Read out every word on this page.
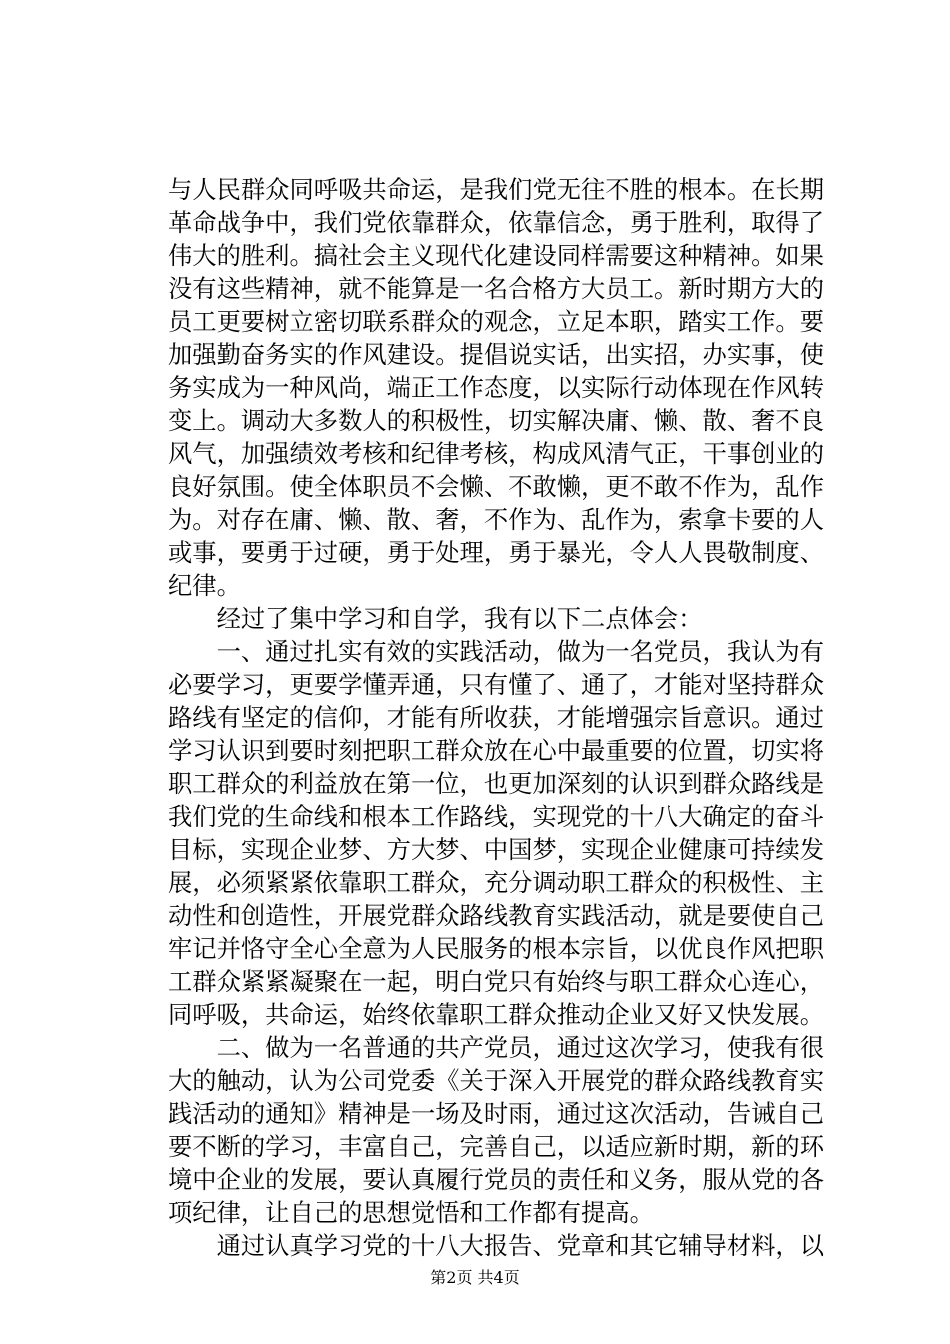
与人民群众同呼吸共命运，是我们党无往不胜的根本。在长期

革命战争中，我们党依靠群众，依靠信念，勇于胜利，取得了

伟大的胜利。搞社会主义现代化建设同样需要这种精神。如果

没有这些精神，就不能算是一名合格方大员工。新时期方大的

员工更要树立密切联系群众的观念，立足本职，踏实工作。要

加强勤奋务实的作风建设。提倡说实话，出实招，办实事，使

务实成为一种风尚，端正工作态度，以实际行动体现在作风转

变上。调动大多数人的积极性，切实解决庸、懒、散、奢不良

风气，加强绩效考核和纪律考核，构成风清气正，干事创业的

良好氛围。使全体职员不会懒、不敢懒，更不敢不作为，乱作

为。对存在庸、懒、散、奢，不作为、乱作为，索拿卡要的人

或事，要勇于过硬，勇于处理，勇于暴光，令人人畏敬制度、

纪律。

　　经过了集中学习和自学，我有以下二点体会：

　　一、通过扎实有效的实践活动，做为一名党员，我认为有

必要学习，更要学懂弄通，只有懂了、通了，才能对坚持群众

路线有坚定的信仰，才能有所收获，才能增强宗旨意识。通过

学习认识到要时刻把职工群众放在心中最重要的位置，切实将

职工群众的利益放在第一位，也更加深刻的认识到群众路线是

我们党的生命线和根本工作路线，实现党的十八大确定的奋斗

目标，实现企业梦、方大梦、中国梦，实现企业健康可持续发

展，必须紧紧依靠职工群众，充分调动职工群众的积极性、主

动性和创造性，开展党群众路线教育实践活动，就是要使自己

牢记并恪守全心全意为人民服务的根本宗旨，以优良作风把职

工群众紧紧凝聚在一起，明白党只有始终与职工群众心连心，

同呼吸，共命运，始终依靠职工群众推动企业又好又快发展。

　　二、做为一名普通的共产党员，通过这次学习，使我有很

大的触动，认为公司党委《关于深入开展党的群众路线教育实

践活动的通知》精神是一场及时雨，通过这次活动，告诫自己

要不断的学习，丰富自己，完善自己，以适应新时期，新的环

境中企业的发展，要认真履行党员的责任和义务，服从党的各

项纪律，让自己的思想觉悟和工作都有提高。

　　通过认真学习党的十八大报告、党章和其它辅导材料，以

第2页 共4页
